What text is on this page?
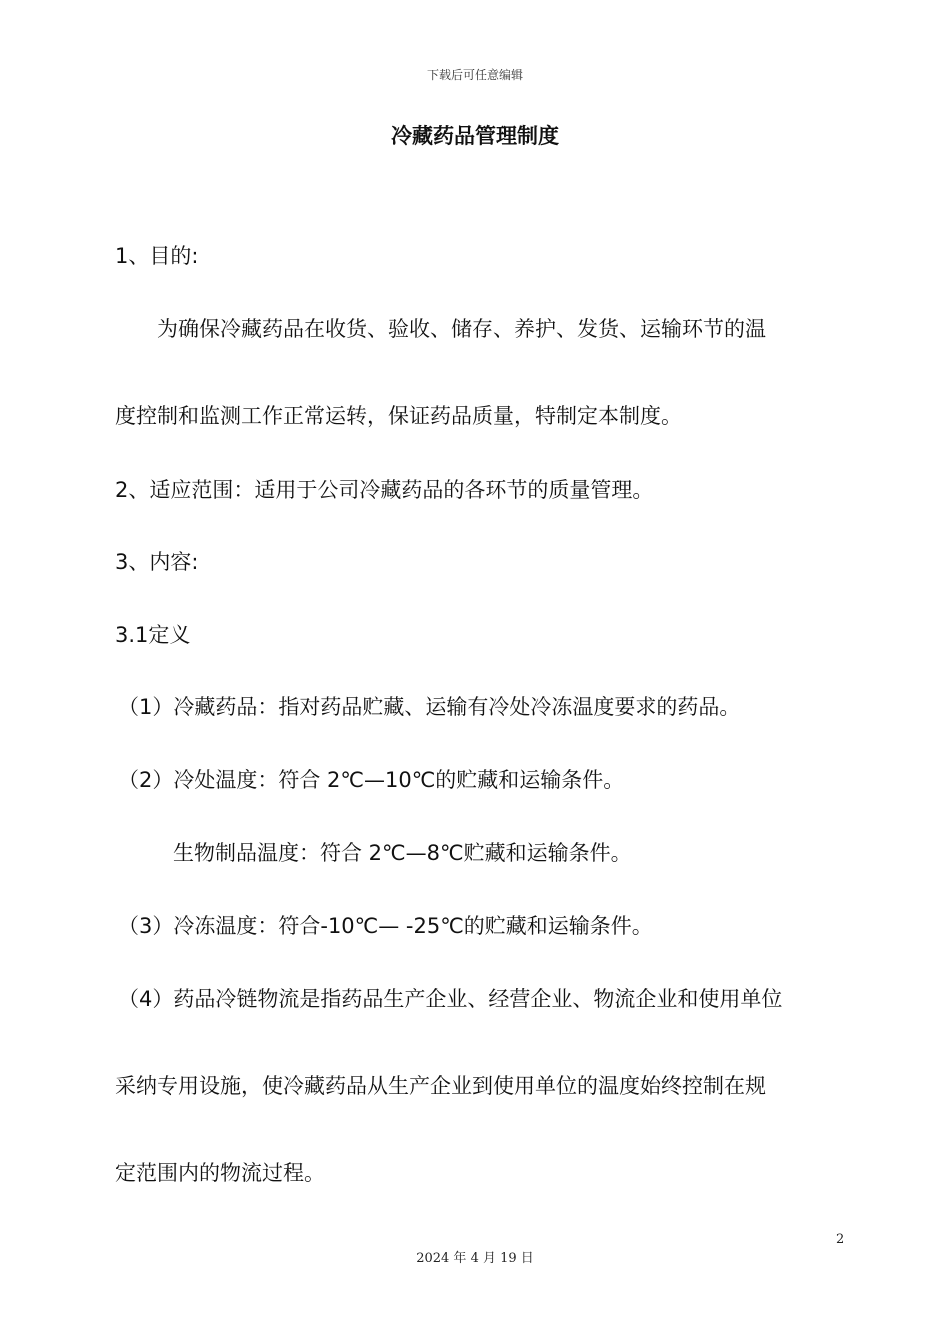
下载后可任意编辑
冷藏药品管理制度
1、目的:
为确保冷藏药品在收货、验收、储存、养护、发货、运输环节的温
度控制和监测工作正常运转，保证药品质量，特制定本制度。
2、适应范围：适用于公司冷藏药品的各环节的质量管理。
3、内容:
3.1定义
（1）冷藏药品：指对药品贮藏、运输有冷处冷冻温度要求的药品。
（2）冷处温度：符合 2℃—10℃的贮藏和运输条件。
生物制品温度：符合 2℃—8℃贮藏和运输条件。
（3）冷冻温度：符合-10℃— -25℃的贮藏和运输条件。
（4）药品冷链物流是指药品生产企业、经营企业、物流企业和使用单位
采纳专用设施，使冷藏药品从生产企业到使用单位的温度始终控制在规
定范围内的物流过程。
2
2024 年 4 月 19 日
